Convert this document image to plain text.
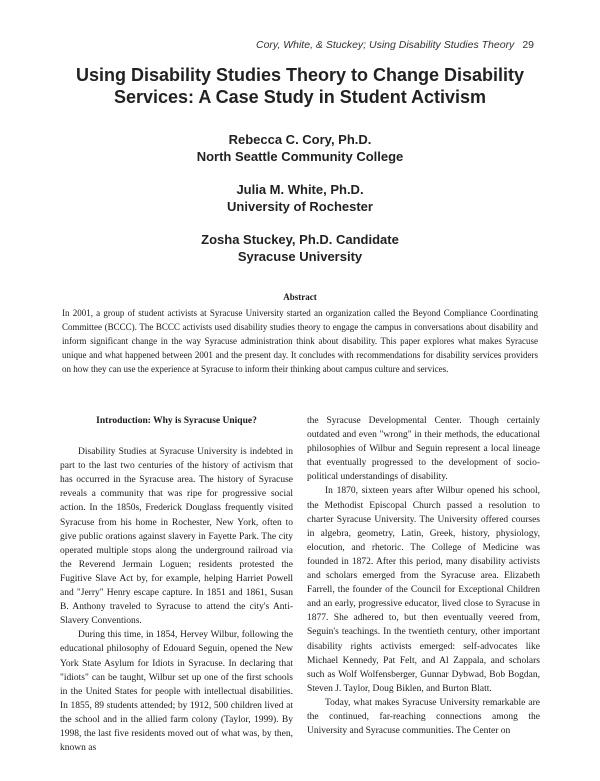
Cory, White, & Stuckey; Using Disability Studies Theory 29
Using Disability Studies Theory to Change Disability
Services: A Case Study in Student Activism
Rebecca C. Cory, Ph.D.
North Seattle Community College
Julia M. White, Ph.D.
University of Rochester
Zosha Stuckey, Ph.D. Candidate
Syracuse University
Abstract
In 2001, a group of student activists at Syracuse University started an organization called the Beyond Compliance Coordinating Committee (BCCC). The BCCC activists used disability studies theory to engage the campus in conversations about disability and inform significant change in the way Syracuse administration think about disability. This paper explores what makes Syracuse unique and what happened between 2001 and the present day. It concludes with recommendations for disability services providers on how they can use the experience at Syracuse to inform their thinking about campus culture and services.
Introduction: Why is Syracuse Unique?

Disability Studies at Syracuse University is indebted in part to the last two centuries of the history of activism that has occurred in the Syracuse area. The history of Syracuse reveals a community that was ripe for progressive social action. In the 1850s, Frederick Douglass frequently visited Syracuse from his home in Rochester, New York, often to give public orations against slavery in Fayette Park. The city operated multiple stops along the underground railroad via the Reverend Jermain Loguen; residents protested the Fugitive Slave Act by, for example, helping Harriet Powell and "Jerry" Henry escape capture. In 1851 and 1861, Susan B. Anthony traveled to Syracuse to attend the city's Anti-Slavery Conventions.

During this time, in 1854, Hervey Wilbur, following the educational philosophy of Edouard Seguin, opened the New York State Asylum for Idiots in Syracuse. In declaring that "idiots" can be taught, Wilbur set up one of the first schools in the United States for people with intellectual disabilities. In 1855, 89 students attended; by 1912, 500 children lived at the school and in the allied farm colony (Taylor, 1999). By 1998, the last five residents moved out of what was, by then, known as

the Syracuse Developmental Center. Though certainly outdated and even "wrong" in their methods, the educational philosophies of Wilbur and Seguin represent a local lineage that eventually progressed to the development of socio-political understandings of disability.

In 1870, sixteen years after Wilbur opened his school, the Methodist Episcopal Church passed a resolution to charter Syracuse University. The University offered courses in algebra, geometry, Latin, Greek, history, physiology, elocution, and rhetoric. The College of Medicine was founded in 1872. After this period, many disability activists and scholars emerged from the Syracuse area. Elizabeth Farrell, the founder of the Council for Exceptional Children and an early, progressive educator, lived close to Syracuse in 1877. She adhered to, but then eventually veered from, Seguin's teachings. In the twentieth century, other important disability rights activists emerged: self-advocates like Michael Kennedy, Pat Felt, and Al Zappala, and scholars such as Wolf Wolfensberger, Gunnar Dybwad, Bob Bogdan, Steven J. Taylor, Doug Biklen, and Burton Blatt.

Today, what makes Syracuse University remarkable are the continued, far-reaching connections among the University and Syracuse communities. The Center on
